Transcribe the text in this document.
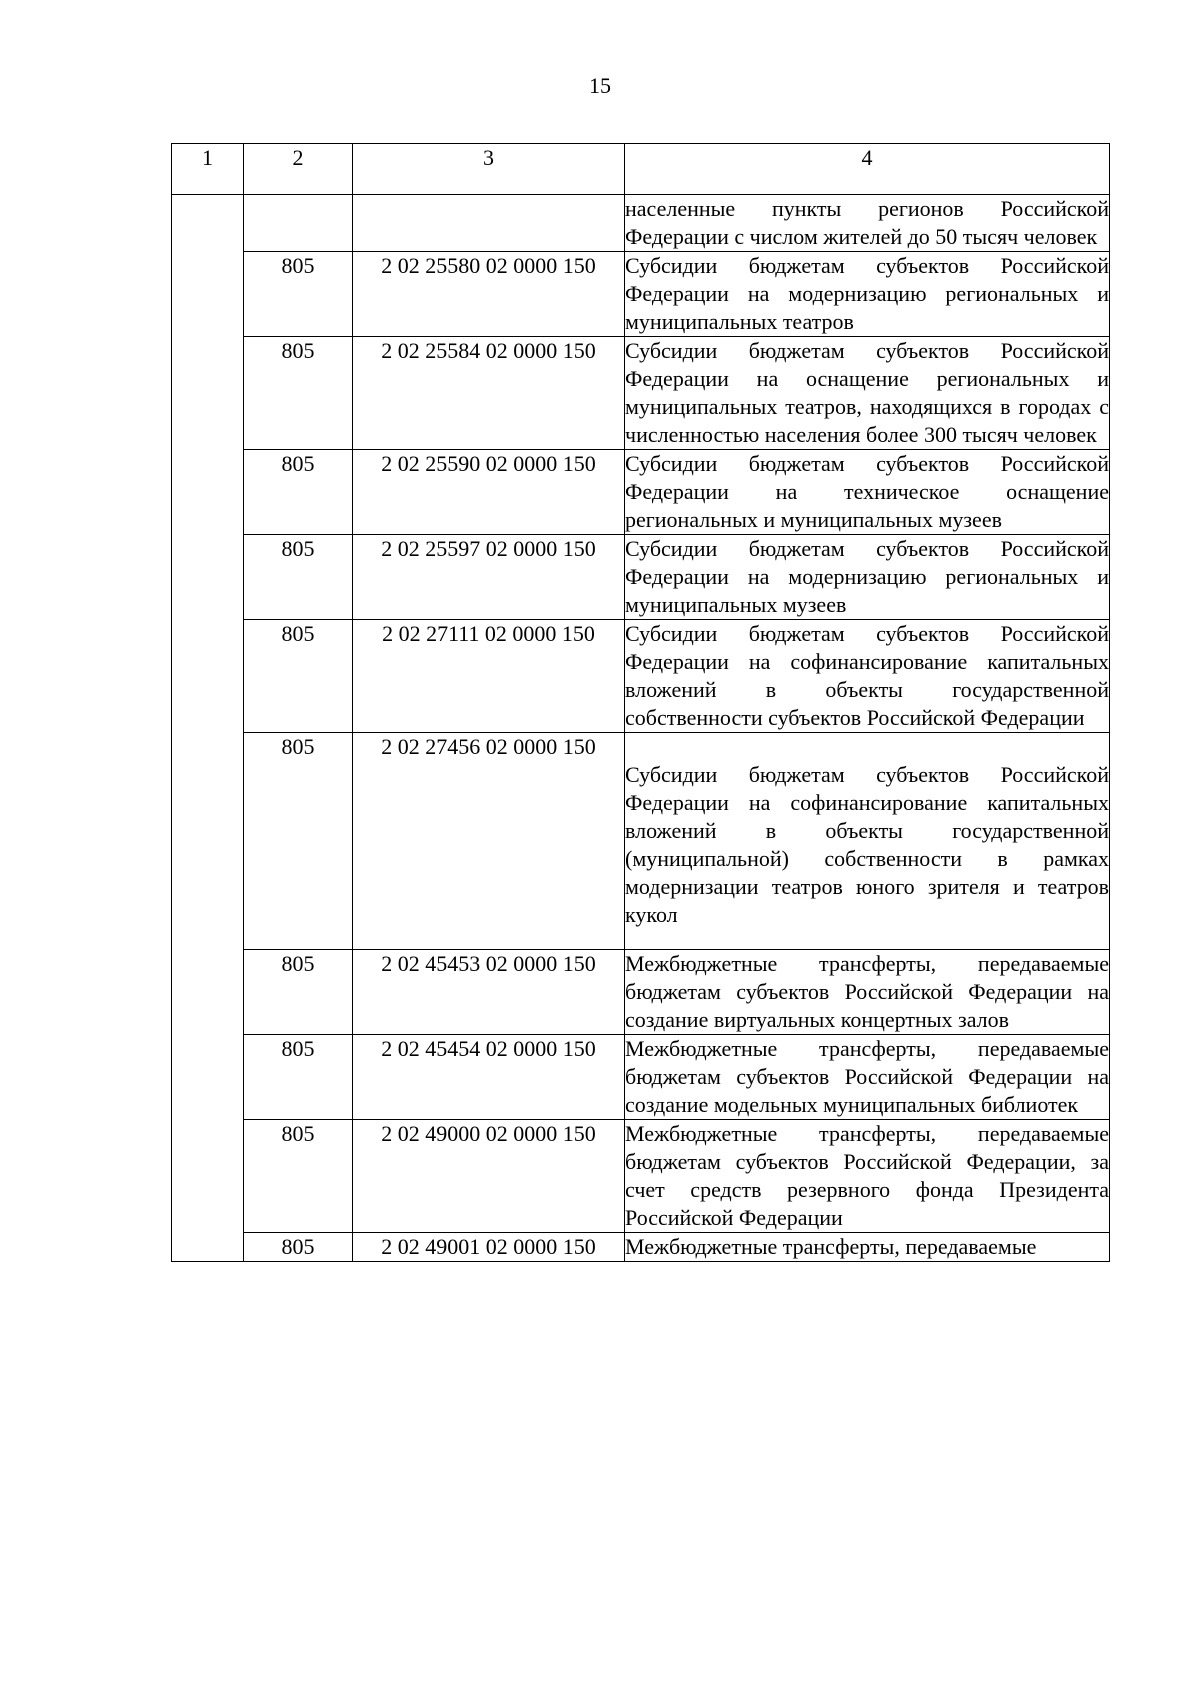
15
1	2	3	4
			населенные пункты регионов Российской Федерации с числом жителей до 50 тысяч человек
	805	2 02 25580 02 0000 150	Субсидии бюджетам субъектов Российской Федерации на модернизацию региональных и муниципальных театров
	805	2 02 25584 02 0000 150	Субсидии бюджетам субъектов Российской Федерации на оснащение региональных и муниципальных театров, находящихся в городах с численностью населения более 300 тысяч человек
	805	2 02 25590 02 0000 150	Субсидии бюджетам субъектов Российской Федерации на техническое оснащение региональных и муниципальных музеев
	805	2 02 25597 02 0000 150	Субсидии бюджетам субъектов Российской Федерации на модернизацию региональных и муниципальных музеев
	805	2 02 27111 02 0000 150	Субсидии бюджетам субъектов Российской Федерации на софинансирование капитальных вложений в объекты государственной собственности субъектов Российской Федерации
	805	2 02 27456 02 0000 150	Субсидии бюджетам субъектов Российской Федерации на софинансирование капитальных вложений в объекты государственной (муниципальной) собственности в рамках модернизации театров юного зрителя и театров кукол
	805	2 02 45453 02 0000 150	Межбюджетные трансферты, передаваемые бюджетам субъектов Российской Федерации на создание виртуальных концертных залов
	805	2 02 45454 02 0000 150	Межбюджетные трансферты, передаваемые бюджетам субъектов Российской Федерации на создание модельных муниципальных библиотек
	805	2 02 49000 02 0000 150	Межбюджетные трансферты, передаваемые бюджетам субъектов Российской Федерации, за счет средств резервного фонда Президента Российской Федерации
	805	2 02 49001 02 0000 150	Межбюджетные трансферты, передаваемые
